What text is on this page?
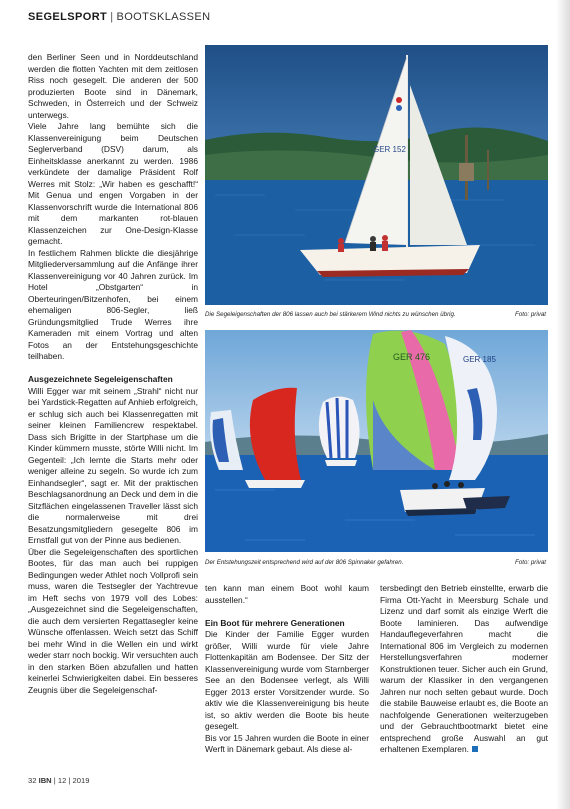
SEGELSPORT | BOOTSKLASSEN

den Berliner Seen und in Norddeutschland werden die flotten Yachten mit dem zeitlosen Riss noch gesegelt. Die anderen der 500 produzierten Boote sind in Dänemark, Schweden, in Österreich und der Schweiz unterwegs.

Viele Jahre lang bemühte sich die Klassenvereinigung beim Deutschen Seglerverband (DSV) darum, als Einheitsklasse anerkannt zu werden. 1986 verkündete der damalige Präsident Rolf Werres mit Stolz: „Wir haben es geschafft!“ Mit Genua und engen Vorgaben in der Klassenvorschrift wurde die International 806 mit dem markanten rot-blauen Klassenzeichen zur One-Design-Klasse gemacht.

In festlichem Rahmen blickte die diesjährige Mitgliederversammlung auf die Anfänge ihrer Klassenvereinigung vor 40 Jahren zurück. Im Hotel „Obstgarten“ in Oberteuringen/Bitzenhofen, bei einem ehemaligen 806-Segler, ließ Gründungsmitglied Trude Werres ihre Kameraden mit einem Vortrag und alten Fotos an der Entstehungsgeschichte teilhaben.

Ausgezeichnete Segeleigenschaften

Willi Egger war mit seinem „Strahl“ nicht nur bei Yardstick-Regatten auf Anhieb erfolgreich, er schlug sich auch bei Klassenregatten mit seiner kleinen Familiencrew respektabel. Dass sich Brigitte in der Startphase um die Kinder kümmern musste, störte Willi nicht. Im Gegenteil: „Ich lernte die Starts mehr oder weniger alleine zu segeln. So wurde ich zum Einhandsegler“, sagt er. Mit der praktischen Beschlagsanordnung an Deck und dem in die Sitzflächen eingelassenen Traveller lässt sich die normalerweise mit drei Besatzungsmitgliedern gesegelte 806 im Ernstfall gut von der Pinne aus bedienen.

Über die Segeleigenschaften des sportlichen Bootes, für das man auch bei ruppigen Bedingungen weder Athlet noch Vollprofi sein muss, waren die Testsegler der Yachtrevue im Heft sechs von 1979 voll des Lobes: „Ausgezeichnet sind die Segeleigenschaften, die auch dem versierten Regattasegler keine Wünsche offenlassen. Weich setzt das Schiff bei mehr Wind in die Wellen ein und wirkt weder starr noch bockig. Wir versuchten auch in den starken Böen abzufallen und hatten keinerlei Schwierigkeiten dabei. Ein besseres Zeugnis über die Segeleigenschaf-

GER 152
Die Segeleigenschaften der 806 lassen auch bei stärkerem Wind nichts zu wünschen übrig.	Foto: privat
GER 476	GER 185
Der Entstehungszeit entsprechend wird auf der 806 Spinnaker gefahren.	Foto: privat

ten kann man einem Boot wohl kaum ausstellen.“

Ein Boot für mehrere Generationen

Die Kinder der Familie Egger wurden größer, Willi wurde für viele Jahre Flottenkapitän am Bodensee. Der Sitz der Klassenvereinigung wurde vom Starnberger See an den Bodensee verlegt, als Willi Egger 2013 erster Vorsitzender wurde. So aktiv wie die Klassenvereinigung bis heute ist, so aktiv werden die Boote bis heute gesegelt.

Bis vor 15 Jahren wurden die Boote in einer Werft in Dänemark gebaut. Als diese al-

tersbedingt den Betrieb einstellte, erwarb die Firma Ott-Yacht in Meersburg Schale und Lizenz und darf somit als einzige Werft die Boote laminieren. Das aufwendige Handauflegeverfahren macht die International 806 im Vergleich zu modernen Herstellungsverfahren moderner Konstruktionen teuer. Sicher auch ein Grund, warum der Klassiker in den vergangenen Jahren nur noch selten gebaut wurde. Doch die stabile Bauweise erlaubt es, die Boote an nachfolgende Generationen weiterzugeben und der Gebrauchtbootmarkt bietet eine entsprechend große Auswahl an gut erhaltenen Exemplaren.

32 IBN | 12 | 2019
